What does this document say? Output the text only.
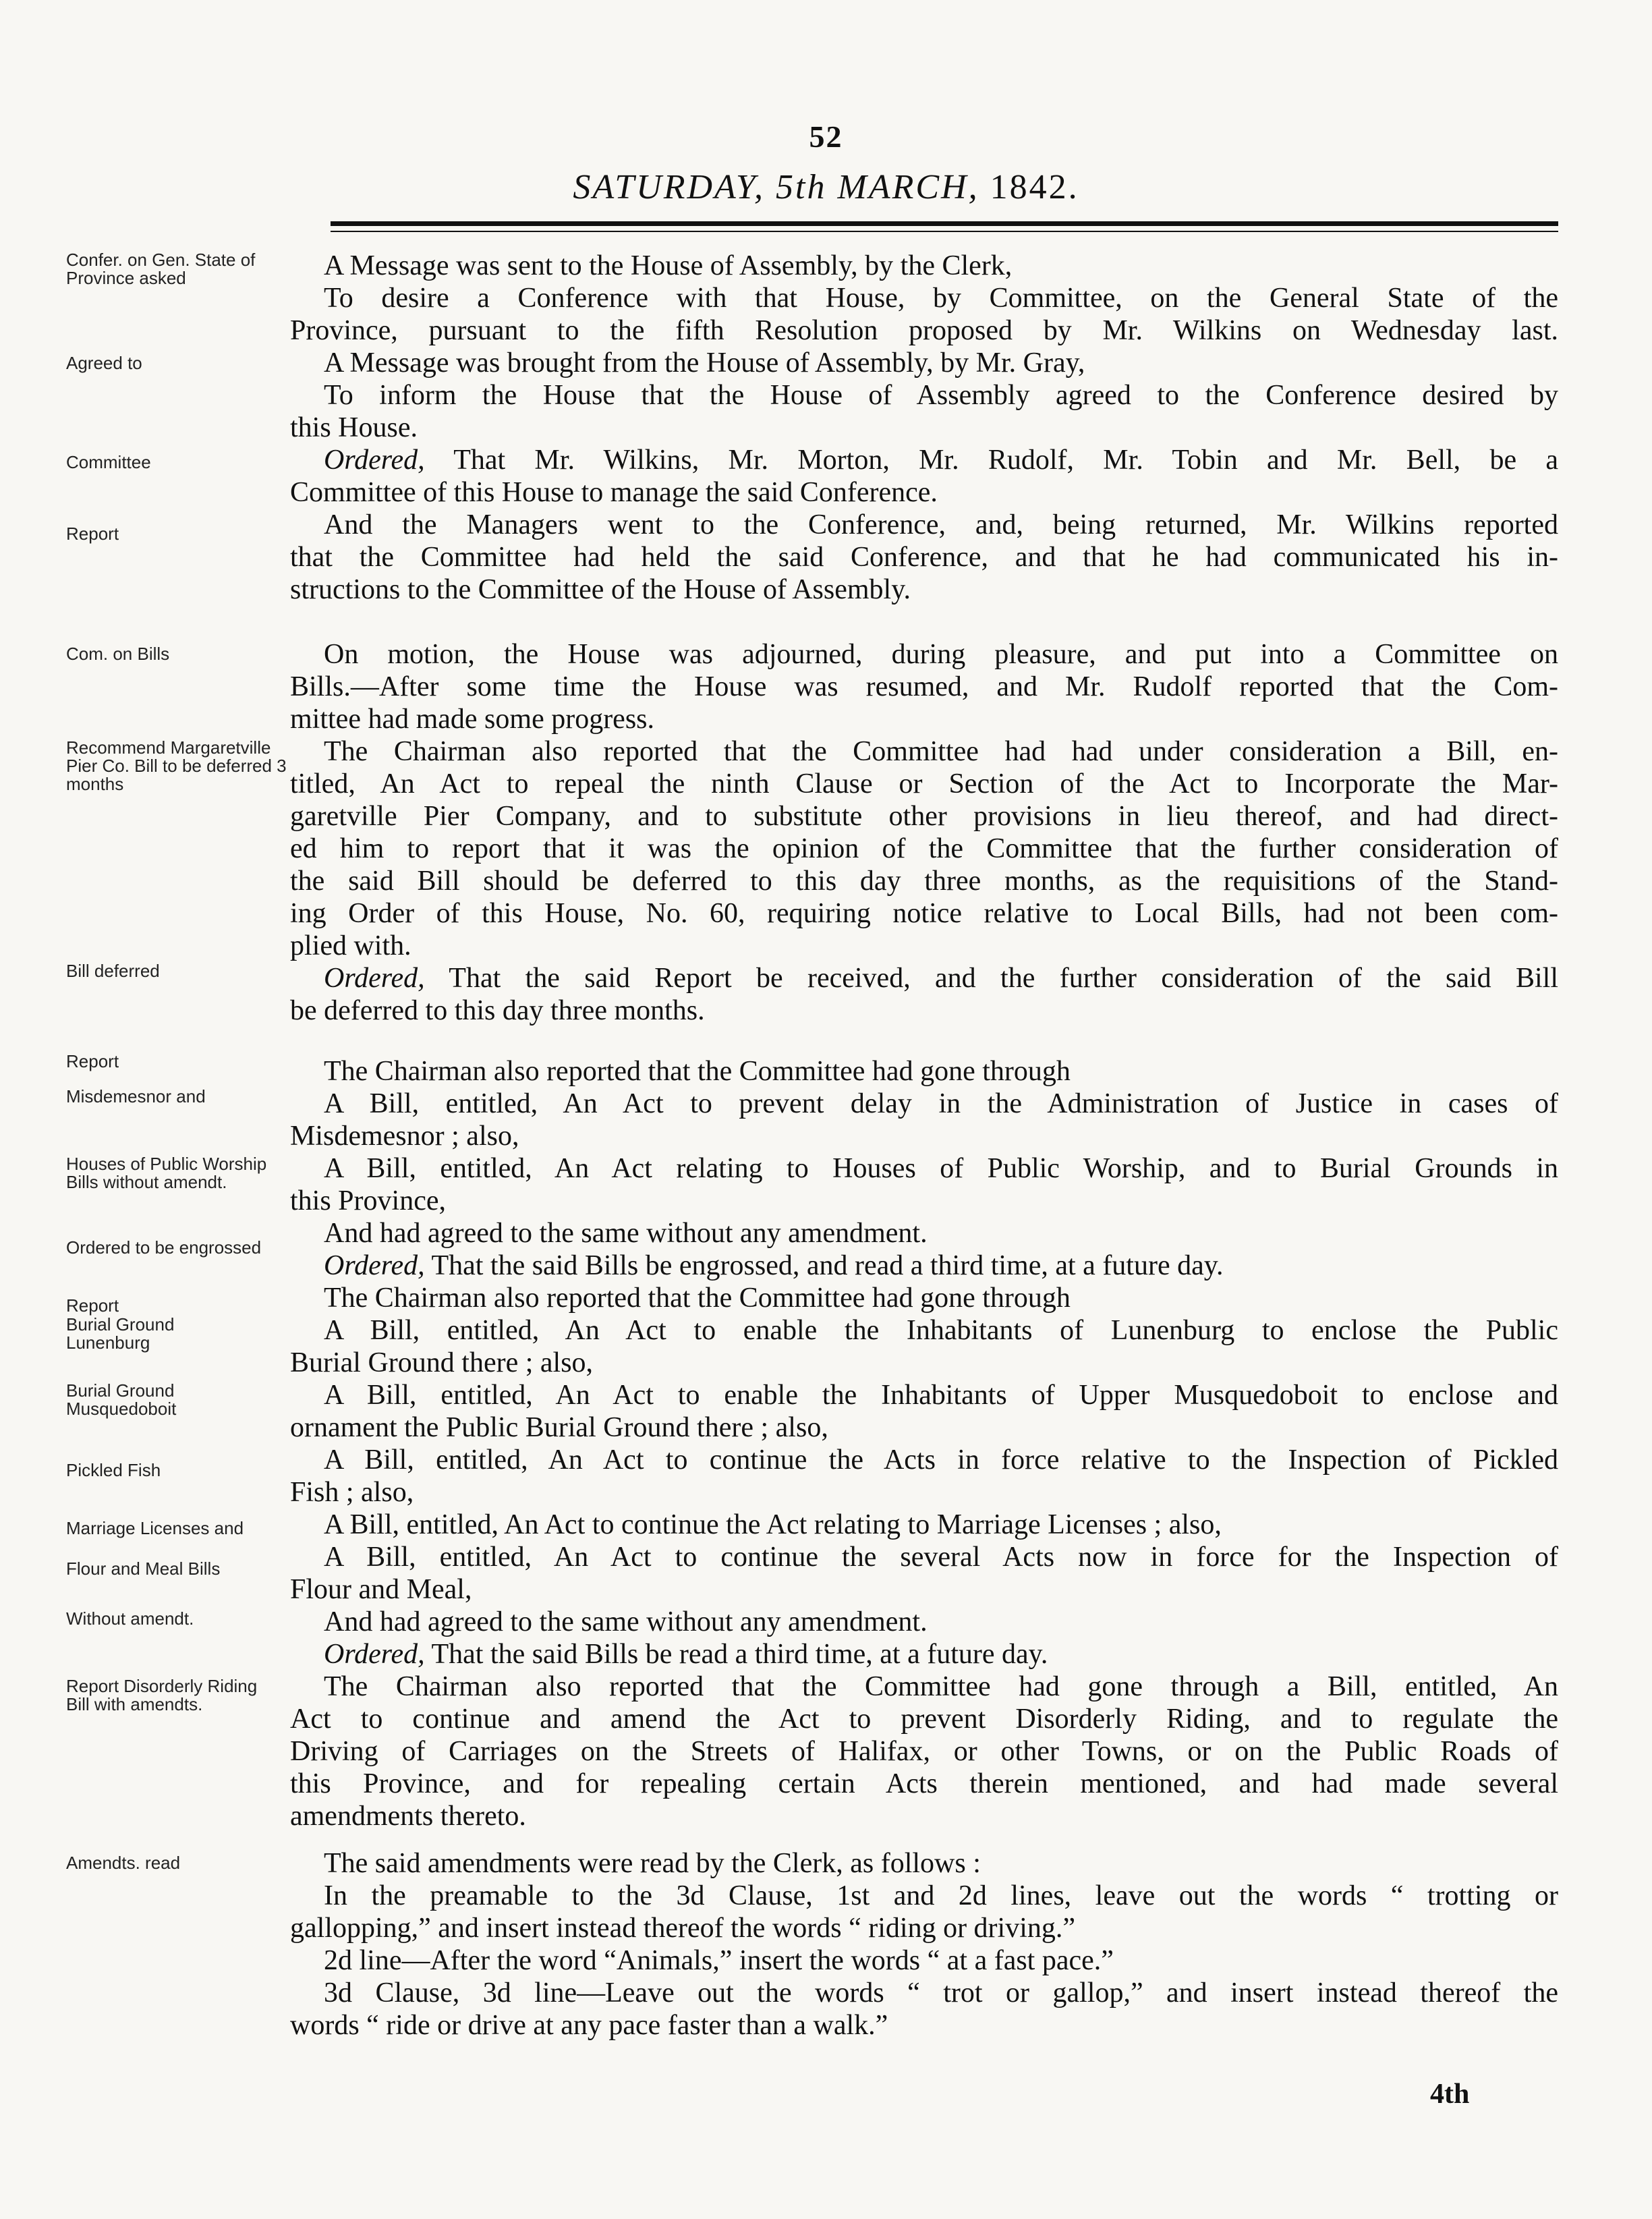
52
SATURDAY, 5th MARCH, 1842.
Confer. on Gen. State of Province asked
Agreed to
Committee
Report
Com. on Bills
Recommend Margaretville Pier Co. Bill to be deferred 3 months
Bill deferred
Report
Misdemesnor and
Houses of Public Worship Bills without amendt.
Ordered to be engrossed
Report
Burial Ground Lunenburg
Burial Ground Musquedoboit
Pickled Fish
Marriage Licenses and
Flour and Meal Bills
Without amendt.
Report Disorderly Riding Bill with amendts.
Amendts. read
A Message was sent to the House of Assembly, by the Clerk,
To desire a Conference with that House, by Committee, on the General State of the
Province, pursuant to the fifth Resolution proposed by Mr. Wilkins on Wednesday last.
A Message was brought from the House of Assembly, by Mr. Gray,
To inform the House that the House of Assembly agreed to the Conference desired by
this House.
Ordered, That Mr. Wilkins, Mr. Morton, Mr. Rudolf, Mr. Tobin and Mr. Bell, be a
Committee of this House to manage the said Conference.
And the Managers went to the Conference, and, being returned, Mr. Wilkins reported
that the Committee had held the said Conference, and that he had communicated his in-
structions to the Committee of the House of Assembly.
On motion, the House was adjourned, during pleasure, and put into a Committee on
Bills.—After some time the House was resumed, and Mr. Rudolf reported that the Com-
mittee had made some progress.
The Chairman also reported that the Committee had had under consideration a Bill, en-
titled, An Act to repeal the ninth Clause or Section of the Act to Incorporate the Mar-
garetville Pier Company, and to substitute other provisions in lieu thereof, and had direct-
ed him to report that it was the opinion of the Committee that the further consideration of
the said Bill should be deferred to this day three months, as the requisitions of the Stand-
ing Order of this House, No. 60, requiring notice relative to Local Bills, had not been com-
plied with.
Ordered, That the said Report be received, and the further consideration of the said Bill
be deferred to this day three months.
The Chairman also reported that the Committee had gone through
A Bill, entitled, An Act to prevent delay in the Administration of Justice in cases of
Misdemesnor ; also,
A Bill, entitled, An Act relating to Houses of Public Worship, and to Burial Grounds in
this Province,
And had agreed to the same without any amendment.
Ordered, That the said Bills be engrossed, and read a third time, at a future day.
The Chairman also reported that the Committee had gone through
A Bill, entitled, An Act to enable the Inhabitants of Lunenburg to enclose the Public
Burial Ground there ; also,
A Bill, entitled, An Act to enable the Inhabitants of Upper Musquedoboit to enclose and
ornament the Public Burial Ground there ; also,
A Bill, entitled, An Act to continue the Acts in force relative to the Inspection of Pickled
Fish ; also,
A Bill, entitled, An Act to continue the Act relating to Marriage Licenses ; also,
A Bill, entitled, An Act to continue the several Acts now in force for the Inspection of
Flour and Meal,
And had agreed to the same without any amendment.
Ordered, That the said Bills be read a third time, at a future day.
The Chairman also reported that the Committee had gone through a Bill, entitled, An
Act to continue and amend the Act to prevent Disorderly Riding, and to regulate the
Driving of Carriages on the Streets of Halifax, or other Towns, or on the Public Roads of
this Province, and for repealing certain Acts therein mentioned, and had made several
amendments thereto.
The said amendments were read by the Clerk, as follows :
In the preamable to the 3d Clause, 1st and 2d lines, leave out the words “ trotting or
gallopping,” and insert instead thereof the words “ riding or driving.”
2d line—After the word “Animals,” insert the words “ at a fast pace.”
3d Clause, 3d line—Leave out the words “ trot or gallop,” and insert instead thereof the
words “ ride or drive at any pace faster than a walk.”
4th
